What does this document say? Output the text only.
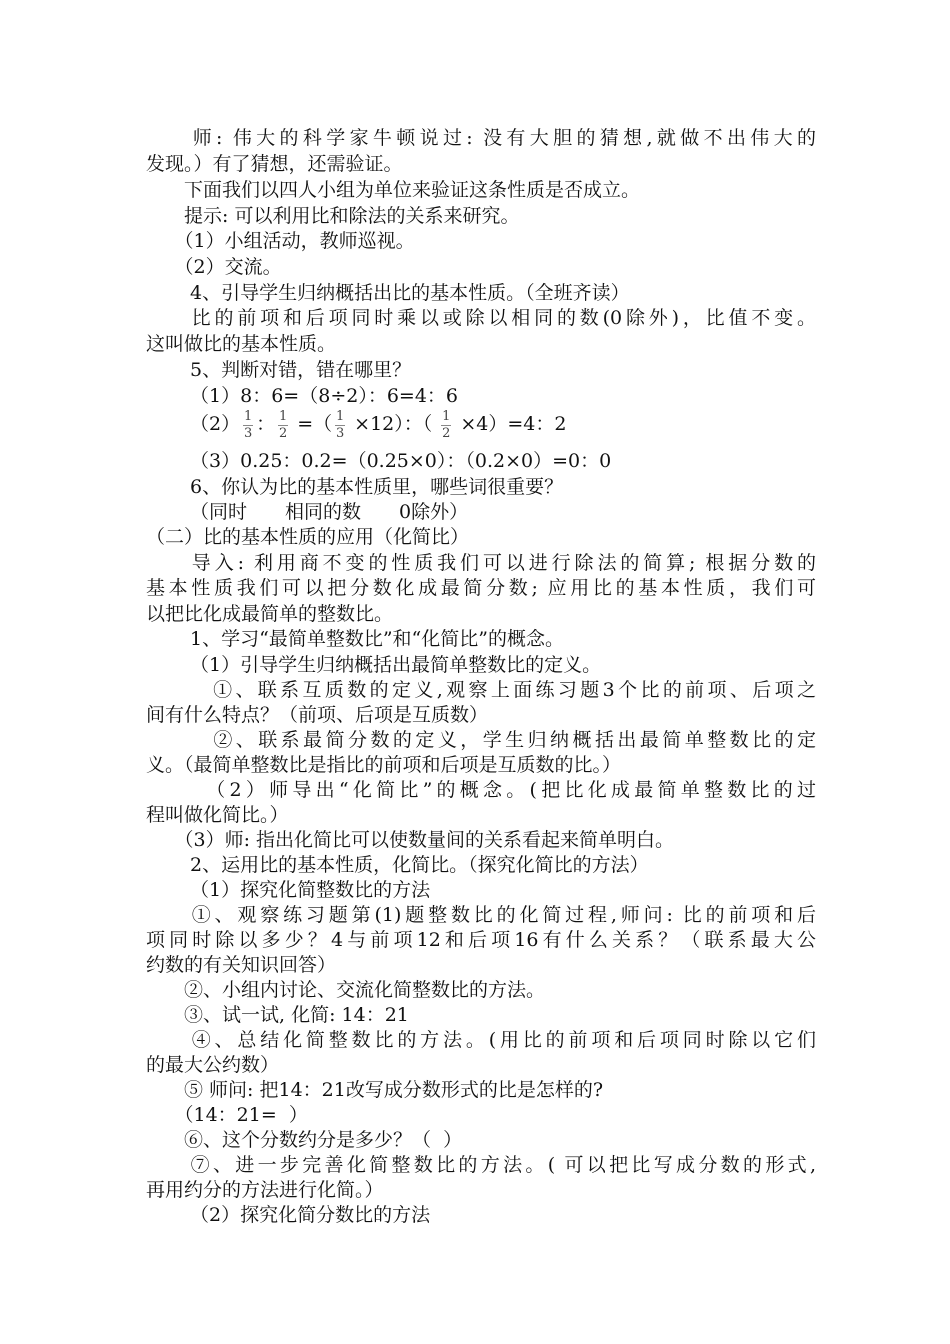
　　师: 伟大的科学家牛顿说过: 没有大胆的猜想,就做不出伟大的
发现。）有了猜想，还需验证。
　　下面我们以四人小组为单位来验证这条性质是否成立。
　　提示: 可以利用比和除法的关系来研究。
　　（1）小组活动，教师巡视。
　　（2）交流。
　　 4、引导学生归纳概括出比的基本性质。（全班齐读）
　　比的前项和后项同时乘以或除以相同的数(0除外)，比值不变。
这叫做比的基本性质。
　　 5、判断对错，错在哪里？
　　 （1）8：6=（8÷2）：6=4：6
　　 $(2) \frac{1}{3}$ ： $\frac{1}{2}$ =（ $\frac{1}{3} \times 12$）：（ $\frac{1}{2} \times 4)=4$：2
　　 （3）0.25：0.2=（0.25×0）：（0.2×0）=0：0
　　 6、你认为比的基本性质里，哪些词很重要？
　　 （同时　　相同的数　　0除外）
（二）比的基本性质的应用（化简比）
　　导入: 利用商不变的性质我们可以进行除法的简算; 根据分数的
基本性质我们可以把分数化成最简分数; 应用比的基本性质，我们可
以把比化成最简单的整数比。
　　 1、学习“最简单整数比”和“化简比”的概念。
　　 （1）引导学生归纳概括出最简单整数比的定义。
　　　①、联系互质数的定义,观察上面练习题3个比的前项、后项之
间有什么特点？（前项、后项是互质数）
　　　②、联系最简分数的定义，学生归纳概括出最简单整数比的定
义。（最简单整数比是指比的前项和后项是互质数的比。）
　　　（2）师导出“化简比”的概念。(把比化成最简单整数比的过
程叫做化简比。）
　　（3）师: 指出化简比可以使数量间的关系看起来简单明白。
　　 2、运用比的基本性质，化简比。（探究化简比的方法）
　　 （1）探究化简整数比的方法
　　①、观察练习题第(1)题整数比的化简过程,师问: 比的前项和后
项同时除以多少？4与前项12和后项16有什么关系？（联系最大公
约数的有关知识回答）
　　②、小组内讨论、交流化简整数比的方法。
　　③、试一试, 化简: 14：21
　　④、总结化简整数比的方法。(用比的前项和后项同时除以它们
的最大公约数）
　　⑤ 师问: 把14：21改写成分数形式的比是怎样的?
　　（14：21=  ）
　　⑥、这个分数约分是多少？（  ）
　　⑦、进一步完善化简整数比的方法。( 可以把比写成分数的形式,
再用约分的方法进行化简。）
　　 （2）探究化简分数比的方法
